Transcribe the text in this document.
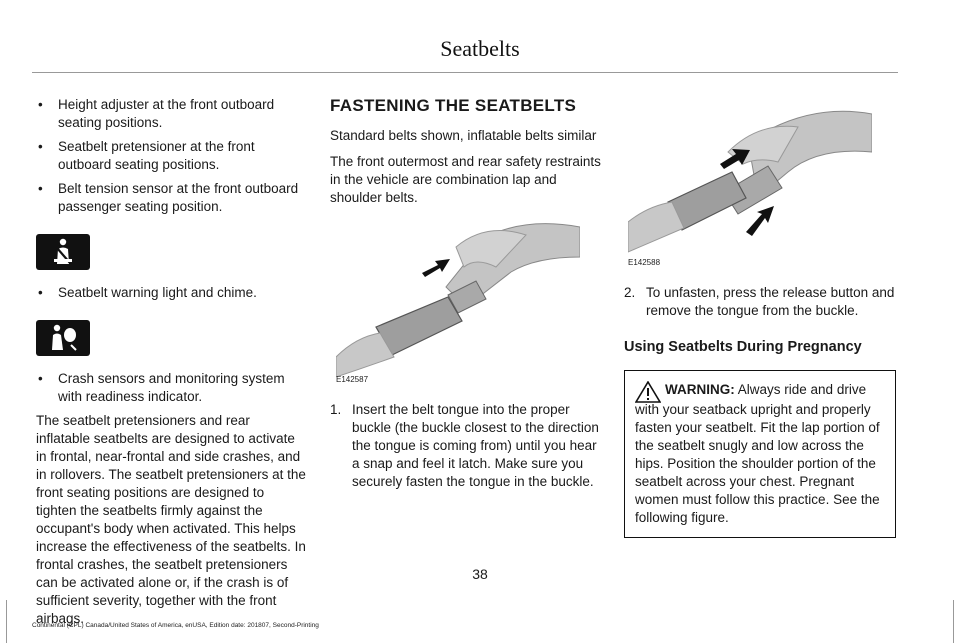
Seatbelts
• Height adjuster at the front outboard seating positions.
• Seatbelt pretensioner at the front outboard seating positions.
• Belt tension sensor at the front outboard passenger seating position.
• Seatbelt warning light and chime.
• Crash sensors and monitoring system with readiness indicator.

The seatbelt pretensioners and rear inflatable seatbelts are designed to activate in frontal, near-frontal and side crashes, and in rollovers. The seatbelt pretensioners at the front seating positions are designed to tighten the seatbelts firmly against the occupant's body when activated. This helps increase the effectiveness of the seatbelts. In frontal crashes, the seatbelt pretensioners can be activated alone or, if the crash is of sufficient severity, together with the front airbags.

FASTENING THE SEATBELTS

Standard belts shown, inflatable belts similar

The front outermost and rear safety restraints in the vehicle are combination lap and shoulder belts.

E142587
1. Insert the belt tongue into the proper buckle (the buckle closest to the direction the tongue is coming from) until you hear a snap and feel it latch. Make sure you securely fasten the tongue in the buckle.
E142588
2. To unfasten, press the release button and remove the tongue from the buckle.
Using Seatbelts During Pregnancy
WARNING: Always ride and drive with your seatback upright and properly fasten your seatbelt. Fit the lap portion of the seatbelt snugly and low across the hips. Position the shoulder portion of the seatbelt across your chest. Pregnant women must follow this practice. See the following figure.
38
Continental (CPL) Canada/United States of America, enUSA, Edition date: 201807, Second-Printing
